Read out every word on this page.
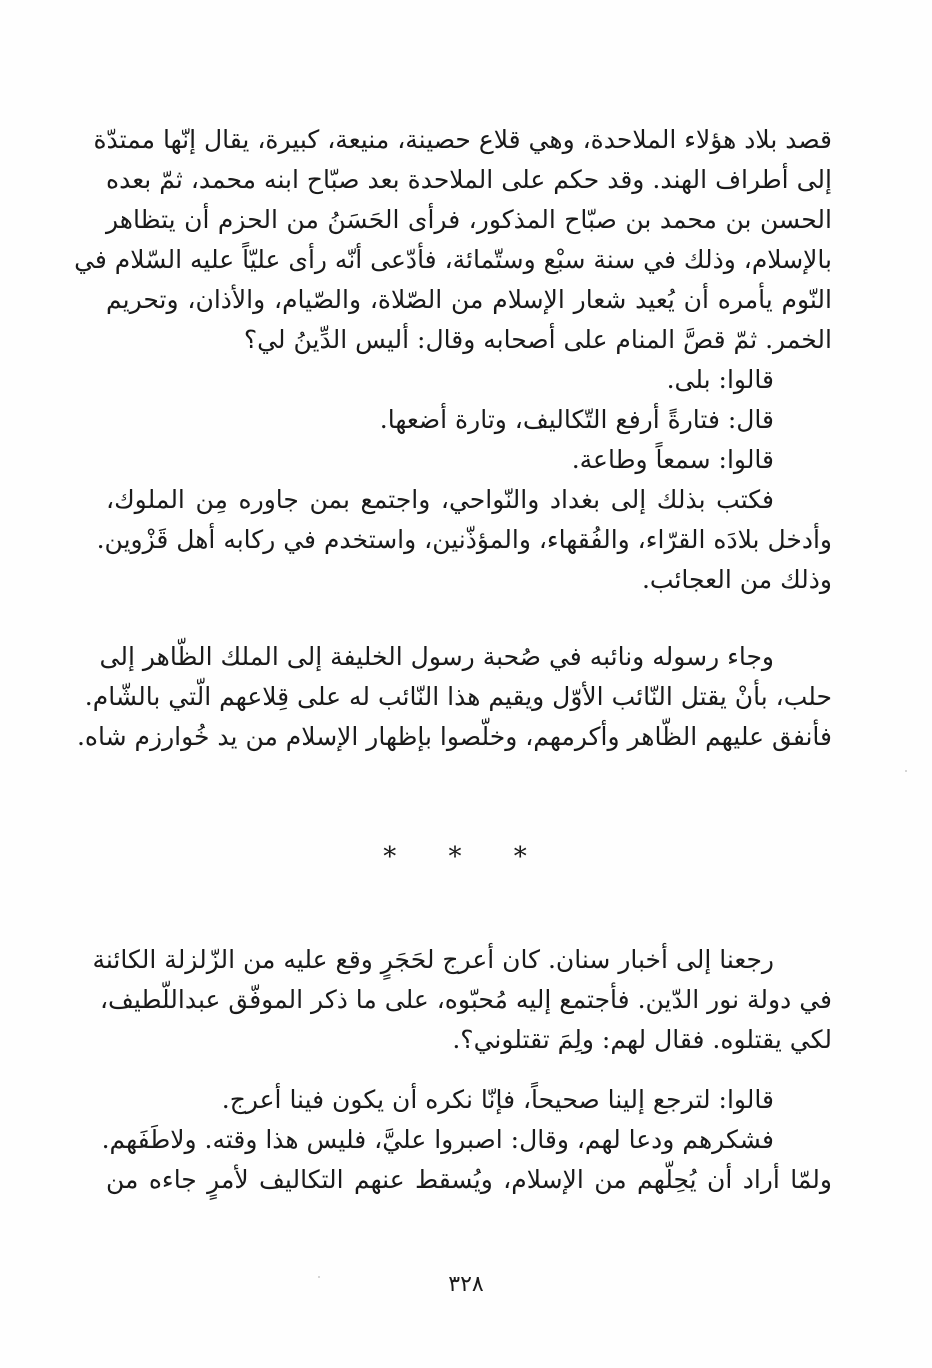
قصد بلاد هؤلاء الملاحدة، وهي قلاع حصينة، منيعة، كبيرة، يقال إنّها ممتدّة
إلى أطراف الهند. وقد حكم على الملاحدة بعد صبّاح ابنه محمد، ثمّ بعده
الحسن بن محمد بن صبّاح المذكور، فرأى الحَسَنُ من الحزم أن يتظاهر
بالإسلام، وذلك في سنة سبْع وستّمائة، فأدّعى أنّه رأى عليّاً عليه السّلام في
النّوم يأمره أن يُعيد شعار الإسلام من الصّلاة، والصّيام، والأذان، وتحريم
الخمر. ثمّ قصَّ المنام على أصحابه وقال: أليس الدِّينُ لي؟
قالوا: بلى.
قال: فتارةً أرفع التّكاليف، وتارة أضعها.
قالوا: سمعاً وطاعة.
فكتب بذلك إلى بغداد والنّواحي، واجتمع بمن جاوره مِن الملوك،
وأدخل بلادَه القرّاء، والفُقهاء، والمؤذّنين، واستخدم في ركابه أهل قَزْوين.
وذلك من العجائب.
وجاء رسوله ونائبه في صُحبة رسول الخليفة إلى الملك الظّاهر إلى
حلب، بأنْ يقتل النّائب الأوّل ويقيم هذا النّائب له على قِلاعهم الّتي بالشّام.
فأنفق عليهم الظّاهر وأكرمهم، وخلّصوا بإظهار الإسلام من يد خُوارزم شاه.
* * *
رجعنا إلى أخبار سنان. كان أعرج لحَجَرٍ وقع عليه من الزّلزلة الكائنة
في دولة نور الدّين. فأجتمع إليه مُحبّوه، على ما ذكر الموفّق عبداللّطيف،
لكي يقتلوه. فقال لهم: ولِمَ تقتلوني؟.
قالوا: لترجع إلينا صحيحاً، فإنّا نكره أن يكون فينا أعرج.
فشكرهم ودعا لهم، وقال: اصبروا عليَّ، فليس هذا وقته. ولاطَفَهم.
ولمّا أراد أن يُحِلّهم من الإسلام، ويُسقط عنهم التكاليف لأمرٍ جاءه من
٣٢٨
